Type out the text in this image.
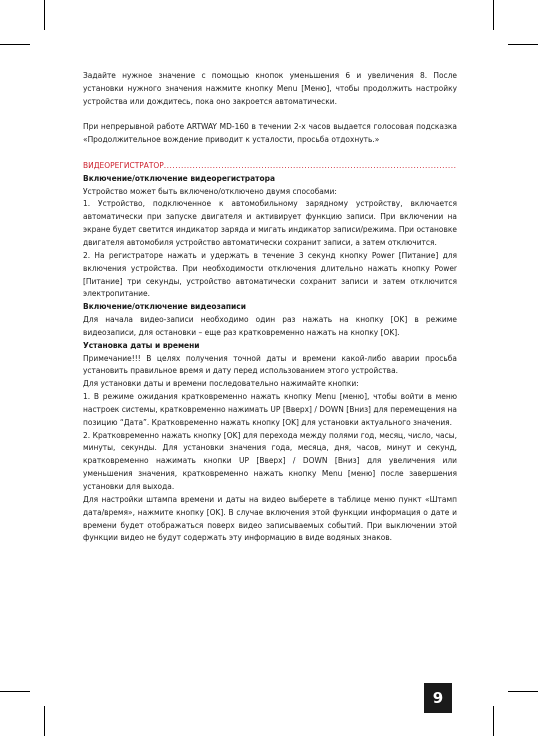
Задайте нужное значение с помощью кнопок уменьшения 6 и увеличения 8. После установки нужного значения нажмите кнопку Menu [Меню], чтобы продолжить настройку устройства или дождитесь, пока оно закроется автоматически.

При непрерывной работе ARTWAY MD-160 в течении 2-х часов выдается голосовая подсказка «Продолжительное вождение приводит к усталости, просьба отдохнуть.»

ВИДЕОРЕГИСТРАТОР .....

Включение/отключение видеорегистратора

Устройство может быть включено/отключено двумя способами:

1. Устройство, подключенное к автомобильному зарядному устройству, включается автоматически при запуске двигателя и активирует функцию записи. При включении на экране будет светится индикатор заряда и мигать индикатор записи/режима. При остановке двигателя автомобиля устройство автоматически сохранит записи, а затем отключится.

2. На регистраторе нажать и удержать в течение 3 секунд кнопку Power [Питание] для включения устройства. При необходимости отключения длительно нажать кнопку Power [Питание] три секунды, устройство автоматически сохранит записи и затем отключится электропитание.

Включение/отключение видеозаписи

Для начала видео-записи необходимо один раз нажать на кнопку [OK] в режиме видеозаписи, для остановки – еще раз кратковременно нажать на кнопку [OK].

Установка даты и времени

Примечание!!! В целях получения точной даты и времени какой-либо аварии просьба установить правильное время и дату перед использованием этого устройства.

Для установки даты и времени последовательно нажимайте кнопки:

1. В режиме ожидания кратковременно нажать кнопку Menu [меню], чтобы войти в меню настроек системы, кратковременно нажимать UP [Вверх] / DOWN [Вниз] для перемещения на позицию “Дата”. Кратковременно нажать кнопку [OK] для установки актуального значения.

2. Кратковременно нажать кнопку [OK] для перехода между полями год, месяц, число, часы, минуты, секунды. Для установки значения года, месяца, дня, часов, минут и секунд, кратковременно нажимать кнопки UP [Вверх] / DOWN [Вниз] для увеличения или уменьшения значения, кратковременно нажать кнопку Menu [меню] после завершения установки для выхода.

Для настройки штампа времени и даты на видео выберете в таблице меню пункт «Штамп дата/время», нажмите кнопку [OK]. В случае включения этой функции информация о дате и времени будет отображаться поверх видео записываемых событий. При выключении этой функции видео не будут содержать эту информацию в виде водяных знаков.

9
